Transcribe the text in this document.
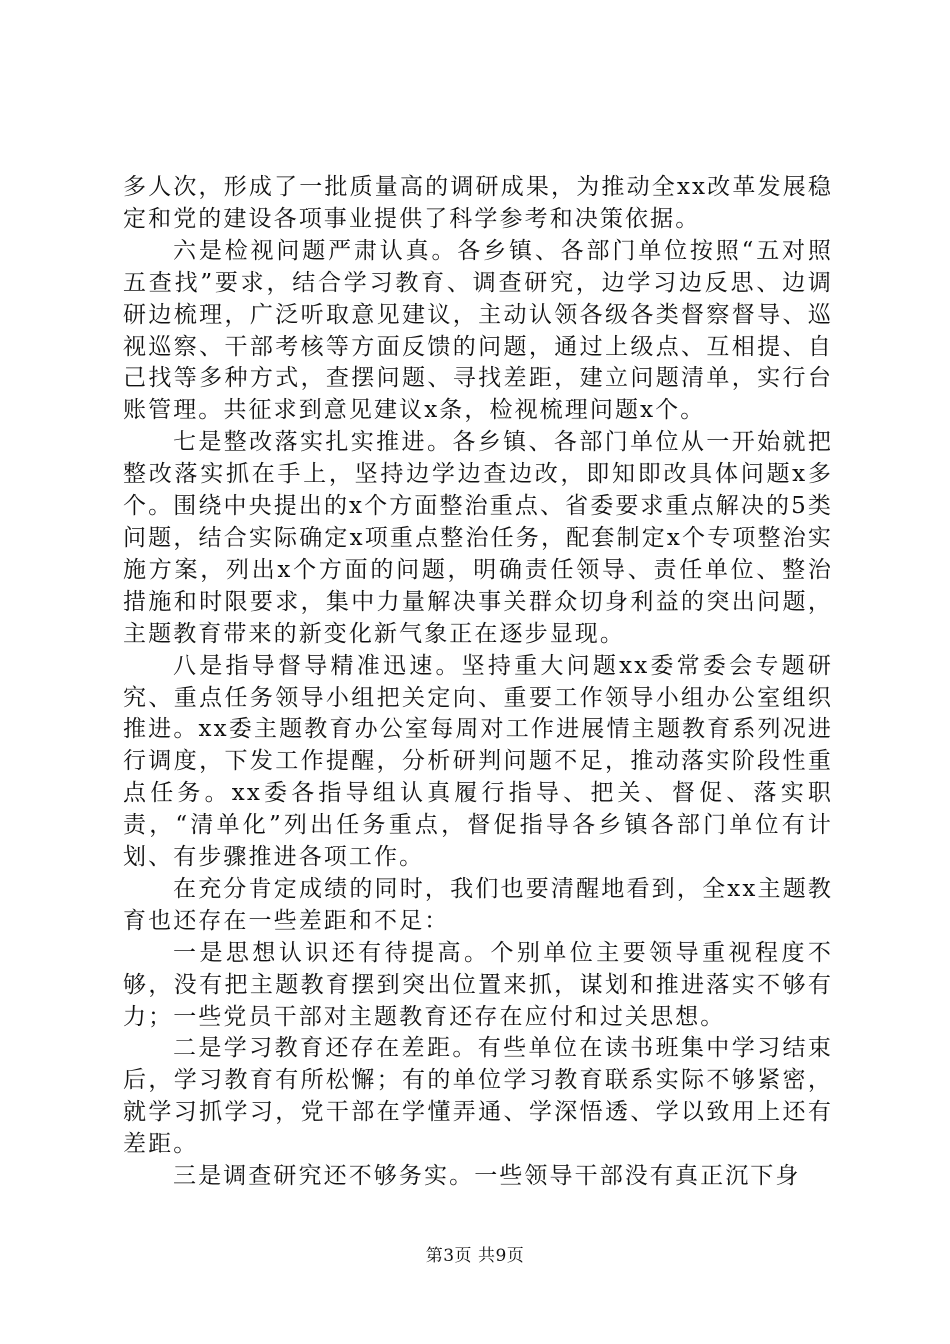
多人次，形成了一批质量高的调研成果，为推动全xx改革发展稳定和党的建设各项事业提供了科学参考和决策依据。

六是检视问题严肃认真。各乡镇、各部门单位按照“五对照五查找”要求，结合学习教育、调查研究，边学习边反思、边调研边梳理，广泛听取意见建议，主动认领各级各类督察督导、巡视巡察、干部考核等方面反馈的问题，通过上级点、互相提、自己找等多种方式，查摆问题、寻找差距，建立问题清单，实行台账管理。共征求到意见建议x条，检视梳理问题x个。

七是整改落实扎实推进。各乡镇、各部门单位从一开始就把整改落实抓在手上，坚持边学边查边改，即知即改具体问题x多个。围绕中央提出的x个方面整治重点、省委要求重点解决的5类问题，结合实际确定x项重点整治任务，配套制定x个专项整治实施方案，列出x个方面的问题，明确责任领导、责任单位、整治措施和时限要求，集中力量解决事关群众切身利益的突出问题，主题教育带来的新变化新气象正在逐步显现。

八是指导督导精准迅速。坚持重大问题xx委常委会专题研究、重点任务领导小组把关定向、重要工作领导小组办公室组织推进。xx委主题教育办公室每周对工作进展情主题教育系列况进行调度，下发工作提醒，分析研判问题不足，推动落实阶段性重点任务。xx委各指导组认真履行指导、把关、督促、落实职责，“清单化”列出任务重点，督促指导各乡镇各部门单位有计划、有步骤推进各项工作。

在充分肯定成绩的同时，我们也要清醒地看到，全xx主题教育也还存在一些差距和不足：

一是思想认识还有待提高。个别单位主要领导重视程度不够，没有把主题教育摆到突出位置来抓，谋划和推进落实不够有力；一些党员干部对主题教育还存在应付和过关思想。

二是学习教育还存在差距。有些单位在读书班集中学习结束后，学习教育有所松懈；有的单位学习教育联系实际不够紧密，就学习抓学习，党干部在学懂弄通、学深悟透、学以致用上还有差距。

三是调查研究还不够务实。一些领导干部没有真正沉下身

第3页 共9页
